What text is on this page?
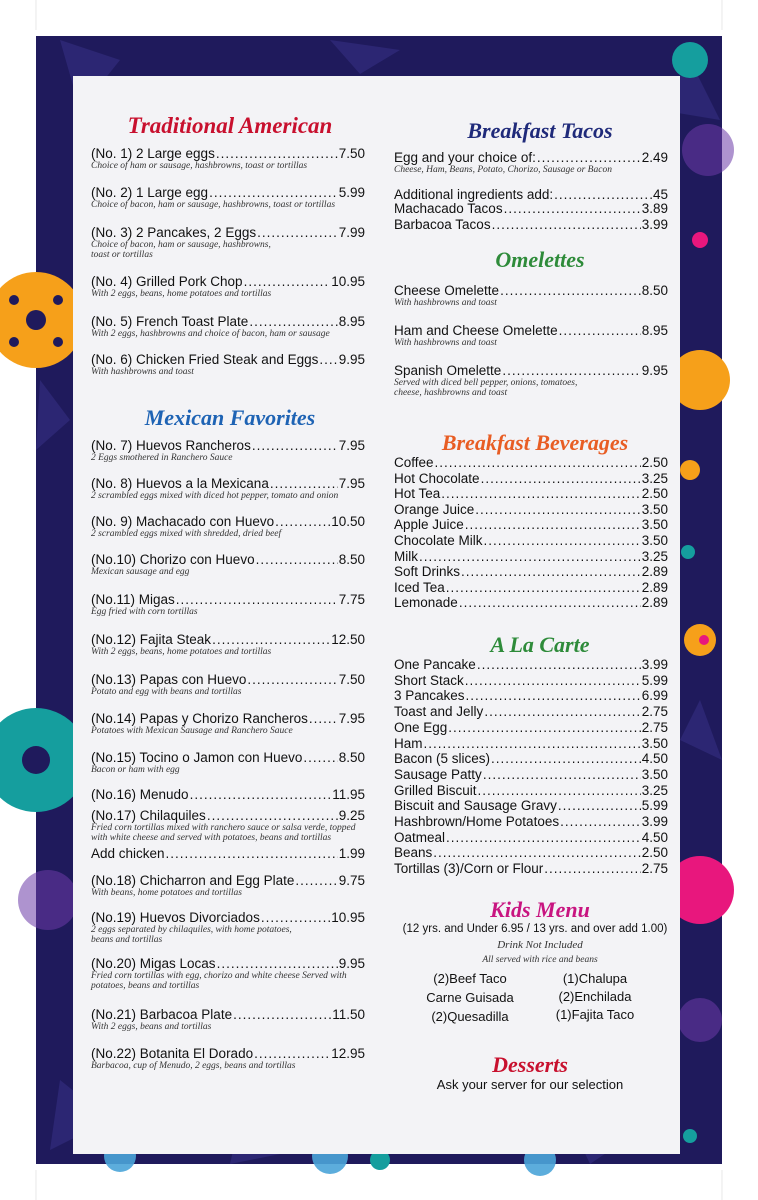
Traditional American
(No. 1) 2 Large eggs .....	7.50
Choice of ham or sausage, hashbrowns, toast or tortillas
(No. 2) 1 Large egg .....	5.99
Choice of bacon, ham or sausage, hashbrowns, toast or tortillas
(No. 3) 2 Pancakes, 2 Eggs .....	7.99
Choice of bacon, ham or sausage, hashbrowns, toast or tortillas
(No. 4) Grilled Pork Chop .....	10.95
With 2 eggs, beans, home potatoes and tortillas
(No. 5) French Toast Plate .....	8.95
With 2 eggs, hashbrowns and choice of bacon, ham or sausage
(No. 6) Chicken Fried Steak and Eggs ..... 9.95
With hashbrowns and toast
Mexican Favorites
(No. 7) Huevos Rancheros .....	7.95
2 Eggs smothered in Ranchero Sauce
(No. 8) Huevos a la Mexicana .....	7.95
2 scrambled eggs mixed with diced hot pepper, tomato and onion
(No. 9) Machacado con Huevo .....	10.50
2 scrambled eggs mixed with shredded, dried beef
(No.10) Chorizo con Huevo .....	8.50
Mexican sausage and egg
(No.11) Migas .....	7.75
Egg fried with corn tortillas
(No.12) Fajita Steak .....	12.50
With 2 eggs, beans, home potatoes and tortillas
(No.13) Papas con Huevo .....	7.50
Potato and egg with beans and tortillas
(No.14) Papas y Chorizo Rancheros ..... 7.95
Potatoes with Mexican Sausage and Ranchero Sauce
(No.15) Tocino o Jamon con Huevo .....	8.50
Bacon or ham with egg
(No.16) Menudo .....	11.95
(No.17) Chilaquiles .....	9.25
Fried corn tortillas mixed with ranchero sauce or salsa verde, topped with white cheese and served with potatoes, beans and tortillas
Add chicken .....	1.99
(No.18) Chicharron and Egg Plate .....	9.75
With beans, home potatoes and tortillas
(No.19) Huevos Divorciados .....	10.95
2 eggs separated by chilaquiles, with home potatoes, beans and tortillas
(No.20) Migas Locas .....	9.95
Fried corn tortillas with egg, chorizo and white cheese Served with potatoes, beans and tortillas
(No.21) Barbacoa Plate .....	11.50
With 2 eggs, beans and tortillas
(No.22) Botanita El Dorado .....	12.95
Barbacoa, cup of Menudo, 2 eggs, beans and tortillas
Breakfast Tacos
Egg and your choice of: .....	2.49
Cheese, Ham, Beans, Potato, Chorizo, Sausage or Bacon
Additional ingredients add: .....	.45
Machacado Tacos .....	3.89
Barbacoa Tacos .....	3.99
Omelettes
Cheese Omelette .....	8.50
With hashbrowns and toast
Ham and Cheese Omelette .....	8.95
With hashbrowns and toast
Spanish Omelette .....	9.95
Served with diced bell pepper, onions, tomatoes, cheese, hashbrowns and toast
Breakfast Beverages
Coffee .....	2.50
Hot Chocolate .....	3.25
Hot Tea .....	2.50
Orange Juice .....	3.50
Apple Juice .....	3.50
Chocolate Milk .....	3.50
Milk .....	3.25
Soft Drinks .....	2.89
Iced Tea .....	2.89
Lemonade .....	2.89
A La Carte
One Pancake .....	3.99
Short Stack .....	5.99
3 Pancakes .....	6.99
Toast and Jelly .....	2.75
One Egg .....	2.75
Ham .....	3.50
Bacon (5 slices) .....	4.50
Sausage Patty .....	3.50
Grilled Biscuit .....	3.25
Biscuit and Sausage Gravy .....	5.99
Hashbrown/Home Potatoes .....	3.99
Oatmeal .....	4.50
Beans .....	2.50
Tortillas (3)/Corn or Flour .....	2.75
Kids Menu
(12 yrs. and Under 6.95 / 13 yrs. and over add 1.00)
Drink Not Included
All served with rice and beans
(2)Beef Taco
Carne Guisada
(2)Quesadilla
(1)Chalupa
(2)Enchilada
(1)Fajita Taco
Desserts
Ask your server for our selection
